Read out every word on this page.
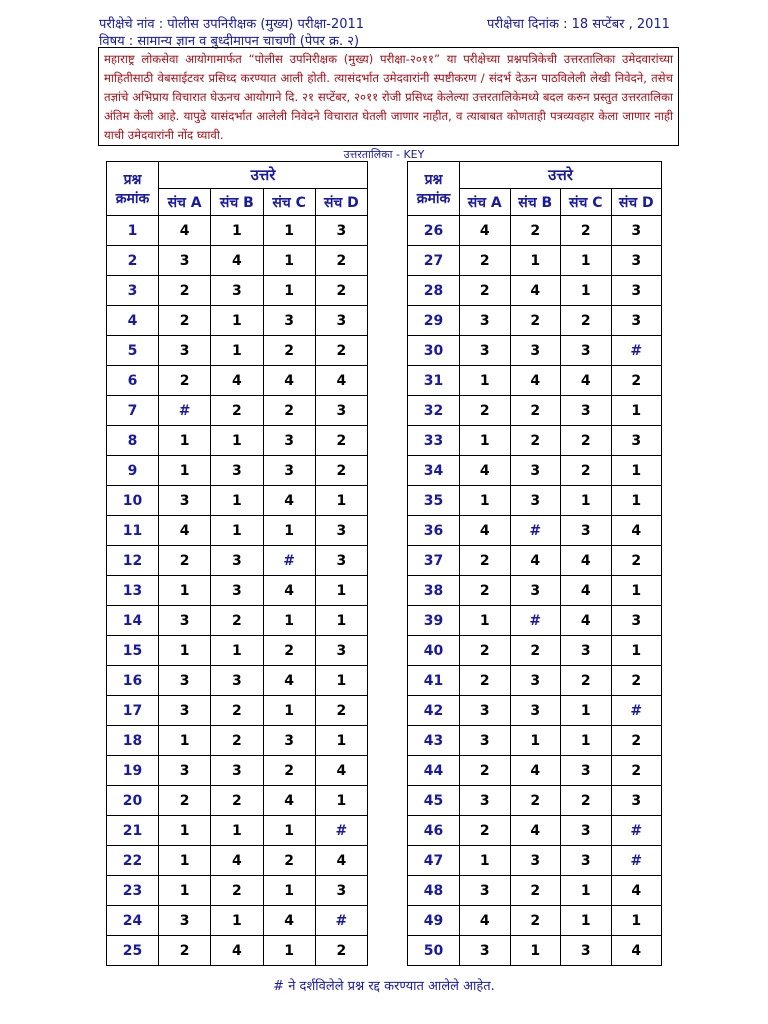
परीक्षेचे नांव : पोलीस उपनिरीक्षक (मुख्य) परीक्षा-2011	परीक्षेचा दिनांक : 18 सप्टेंबर , 2011
विषय : सामान्य ज्ञान व बुध्दीमापन चाचणी (पेपर क्र. २)
महाराष्ट्र लोकसेवा आयोगामार्फत “पोलीस उपनिरीक्षक (मुख्य) परीक्षा-२०११” या परीक्षेच्या प्रश्नपत्रिकेची उत्तरतालिका उमेदवारांच्या माहितीसाठी वेबसाईटवर प्रसिध्द करण्यात आली होती. त्यासंदर्भात उमेदवारांनी स्पष्टीकरण / संदर्भ देऊन पाठविलेली लेखी निवेदने, तसेच तज्ञांचे अभिप्राय विचारात घेऊनच आयोगाने दि. २१ सप्टेंबर, २०११ रोजी प्रसिध्द केलेल्या उत्तरतालिकेमध्ये बदल करुन प्रस्तुत उत्तरतालिका अंतिम केली आहे. यापुढे यासंदर्भात आलेली निवेदने विचारात घेतली जाणार नाहीत, व त्याबाबत कोणताही पत्रव्यवहार केला जाणार नाही याची उमेदवारांनी नोंद घ्यावी.
उत्तरतालिका - KEY
प्रश्न
क्रमांक	उत्तरे			
	संच A	संच B	संच C	संच D
1	4	1	1	3
2	3	4	1	2
3	2	3	1	2
4	2	1	3	3
5	3	1	2	2
6	2	4	4	4
7	#	2	2	3
8	1	1	3	2
9	1	3	3	2
10	3	1	4	1
11	4	1	1	3
12	2	3	#	3
13	1	3	4	1
14	3	2	1	1
15	1	1	2	3
16	3	3	4	1
17	3	2	1	2
18	1	2	3	1
19	3	3	2	4
20	2	2	4	1
21	1	1	1	#
22	1	4	2	4
23	1	2	1	3
24	3	1	4	#
25	2	4	1	2
प्रश्न
क्रमांक	उत्तरे			
	संच A	संच B	संच C	संच D
26	4	2	2	3
27	2	1	1	3
28	2	4	1	3
29	3	2	2	3
30	3	3	3	#
31	1	4	4	2
32	2	2	3	1
33	1	2	2	3
34	4	3	2	1
35	1	3	1	1
36	4	#	3	4
37	2	4	4	2
38	2	3	4	1
39	1	#	4	3
40	2	2	3	1
41	2	3	2	2
42	3	3	1	#
43	3	1	1	2
44	2	4	3	2
45	3	2	2	3
46	2	4	3	#
47	1	3	3	#
48	3	2	1	4
49	4	2	1	1
50	3	1	3	4
# ने दर्शविलेले प्रश्न रद्द करण्यात आलेले आहेत.
